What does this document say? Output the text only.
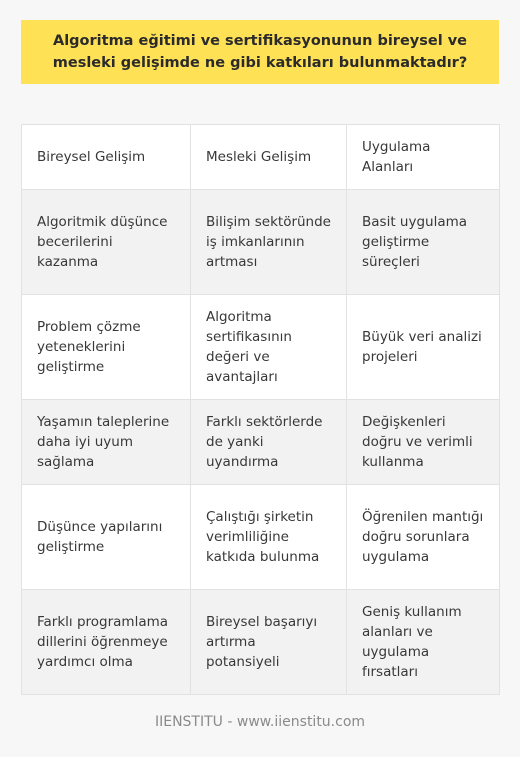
Algoritma eğitimi ve sertifikasyonunun bireysel ve mesleki gelişimde ne gibi katkıları bulunmaktadır?
Bireysel Gelişim	Mesleki Gelişim	Uygulama Alanları
Algoritmik düşünce becerilerini kazanma	Bilişim sektöründe iş imkanlarının artması	Basit uygulama geliştirme süreçleri
Problem çözme yeteneklerini geliştirme	Algoritma sertifikasının değeri ve avantajları	Büyük veri analizi projeleri
Yaşamın taleplerine daha iyi uyum sağlama	Farklı sektörlerde de yanki uyandırma	Değişkenleri doğru ve verimli kullanma
Düşünce yapılarını geliştirme	Çalıştığı şirketin verimliliğine katkıda bulunma	Öğrenilen mantığı doğru sorunlara uygulama
Farklı programlama dillerini öğrenmeye yardımcı olma	Bireysel başarıyı artırma potansiyeli	Geniş kullanım alanları ve uygulama fırsatları
IIENSTITU - www.iienstitu.com
